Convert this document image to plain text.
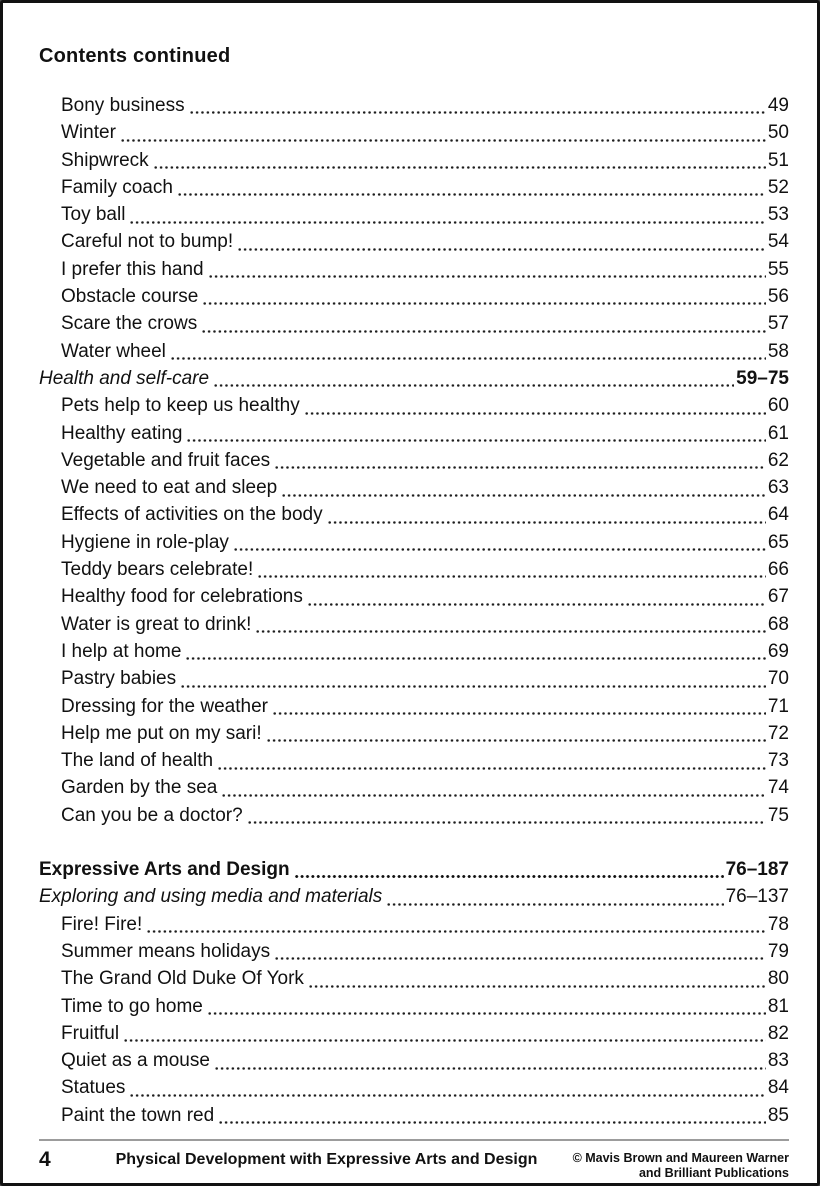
Contents continued
Bony business	49
Winter	50
Shipwreck	51
Family coach	52
Toy ball	53
Careful not to bump!	54
I prefer this hand	55
Obstacle course	56
Scare the crows	57
Water wheel	58
Health and self-care	59–75
Pets help to keep us healthy	60
Healthy eating	61
Vegetable and fruit faces	62
We need to eat and sleep	63
Effects of activities on the body	64
Hygiene in role-play	65
Teddy bears celebrate!	66
Healthy food for celebrations	67
Water is great to drink!	68
I help at home	69
Pastry babies	70
Dressing for the weather	71
Help me put on my sari!	72
The land of health	73
Garden by the sea	74
Can you be a doctor?	75
Expressive Arts and Design	76–187
Exploring and using media and materials	76–137
Fire! Fire!	78
Summer means holidays	79
The Grand Old Duke Of York	80
Time to go home	81
Fruitful	82
Quiet as a mouse	83
Statues	84
Paint the town red	85
4	Physical Development with Expressive Arts and Design	© Mavis Brown and Maureen Warner
and Brilliant Publications
